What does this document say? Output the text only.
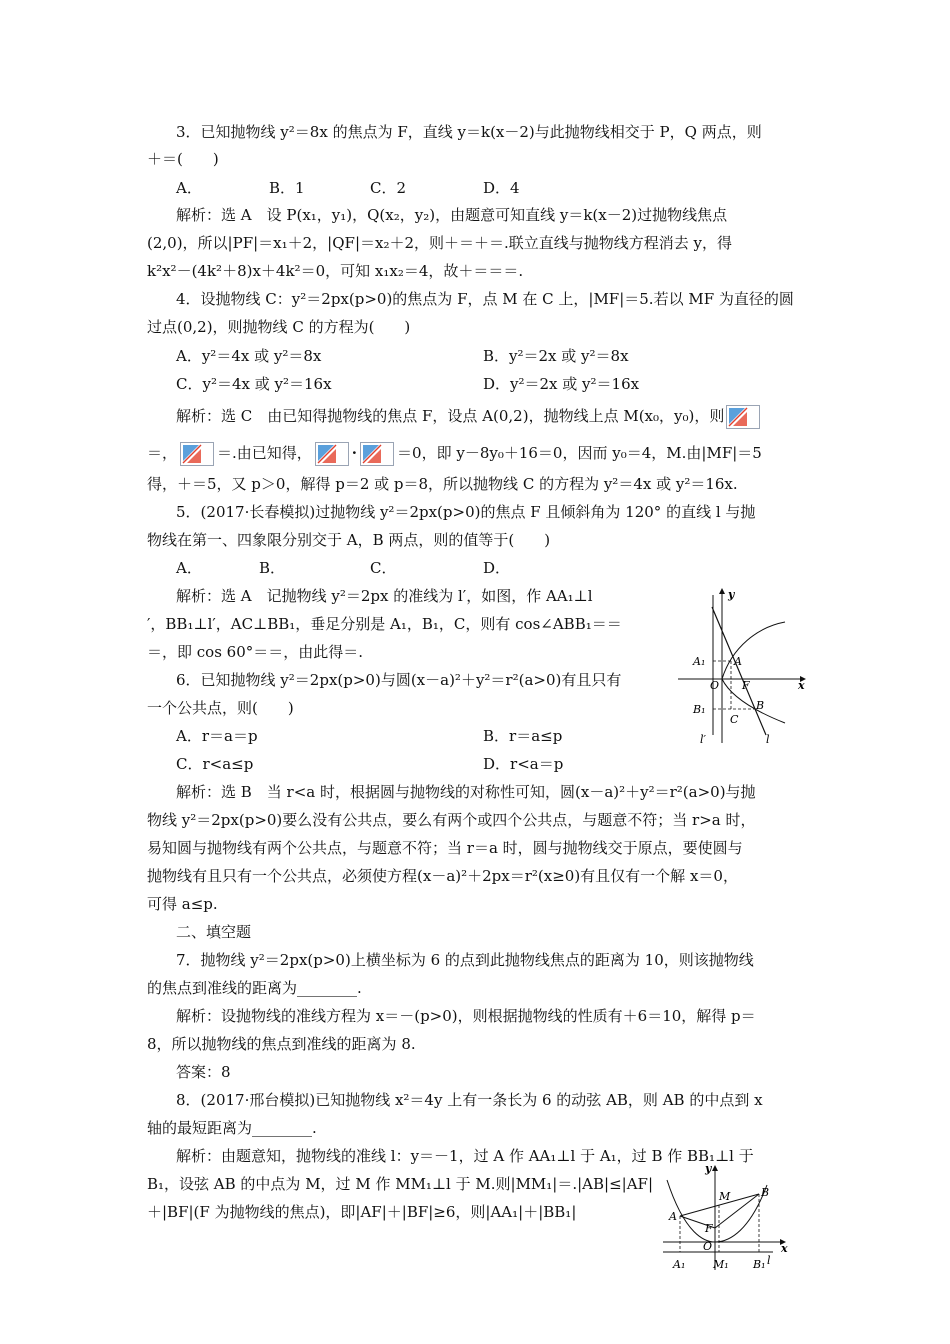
3．已知抛物线 y²＝8x 的焦点为 F，直线 y＝k(x－2)与此抛物线相交于 P，Q 两点，则
＋＝(　　)
A．	B．1	C．2	D．4
解析：选 A　设 P(x₁，y₁)，Q(x₂，y₂)，由题意可知直线 y＝k(x－2)过抛物线焦点
(2,0)，所以|PF|＝x₁＋2，|QF|＝x₂＋2，则＋＝＋＝.联立直线与抛物线方程消去 y，得
k²x²－(4k²＋8)x＋4k²＝0，可知 x₁x₂＝4，故＋＝＝＝.
4．设抛物线 C：y²＝2px(p>0)的焦点为 F，点 M 在 C 上，|MF|＝5.若以 MF 为直径的圆
过点(0,2)，则抛物线 C 的方程为(　　)
A．y²＝4x 或 y²＝8x	B．y²＝2x 或 y²＝8x
C．y²＝4x 或 y²＝16x	D．y²＝2x 或 y²＝16x
解析：选 C　由已知得抛物线的焦点 F，设点 A(0,2)，抛物线上点 M(x₀，y₀)，则
＝，	＝.由已知得，	·	＝0，即 y－8y₀＋16＝0，因而 y₀＝4，M.由|MF|＝5
得，＋＝5，又 p＞0，解得 p＝2 或 p＝8，所以抛物线 C 的方程为 y²＝4x 或 y²＝16x.
5．(2017·长春模拟)过抛物线 y²＝2px(p>0)的焦点 F 且倾斜角为 120° 的直线 l 与抛
物线在第一、四象限分别交于 A，B 两点，则的值等于(　　)
A．	B．	C．	D．
解析：选 A　记抛物线 y²＝2px 的准线为 l′，如图，作 AA₁⊥l
′，BB₁⊥l′，AC⊥BB₁，垂足分别是 A₁，B₁，C，则有 cos∠ABB₁＝＝
＝，即 cos 60°＝＝，由此得＝.
6．已知抛物线 y²＝2px(p>0)与圆(x－a)²＋y²＝r²(a>0)有且只有
一个公共点，则(　　)
A．r＝a＝p	B．r＝a≤p
C．r<a≤p	D．r<a＝p
解析：选 B　当 r<a 时，根据圆与抛物线的对称性可知，圆(x－a)²＋y²＝r²(a>0)与抛
物线 y²＝2px(p>0)要么没有公共点，要么有两个或四个公共点，与题意不符；当 r>a 时，
易知圆与抛物线有两个公共点，与题意不符；当 r＝a 时，圆与抛物线交于原点，要使圆与
抛物线有且只有一个公共点，必须使方程(x－a)²＋2px＝r²(x≥0)有且仅有一个解 x＝0，
可得 a≤p.
二、填空题
7．抛物线 y²＝2px(p>0)上横坐标为 6 的点到此抛物线焦点的距离为 10，则该抛物线
的焦点到准线的距离为________.
解析：设抛物线的准线方程为 x＝－(p>0)，则根据抛物线的性质有＋6＝10，解得 p＝
8，所以抛物线的焦点到准线的距离为 8.
答案：8
8．(2017·邢台模拟)已知抛物线 x²＝4y 上有一条长为 6 的动弦 AB，则 AB 的中点到 x
轴的最短距离为________.
解析：由题意知，抛物线的准线 l：y＝－1，过 A 作 AA₁⊥l 于 A₁，过 B 作 BB₁⊥l 于
B₁，设弦 AB 的中点为 M，过 M 作 MM₁⊥l 于 M.则|MM₁|＝.|AB|≤|AF|
＋|BF|(F 为抛物线的焦点)，即|AF|＋|BF|≥6，则|AA₁|＋|BB₁|
y
x
A₁	A
O F
B₁
C
B
l′	l
y
x
M	B
A
F
O
l
A₁	M₁ B₁
